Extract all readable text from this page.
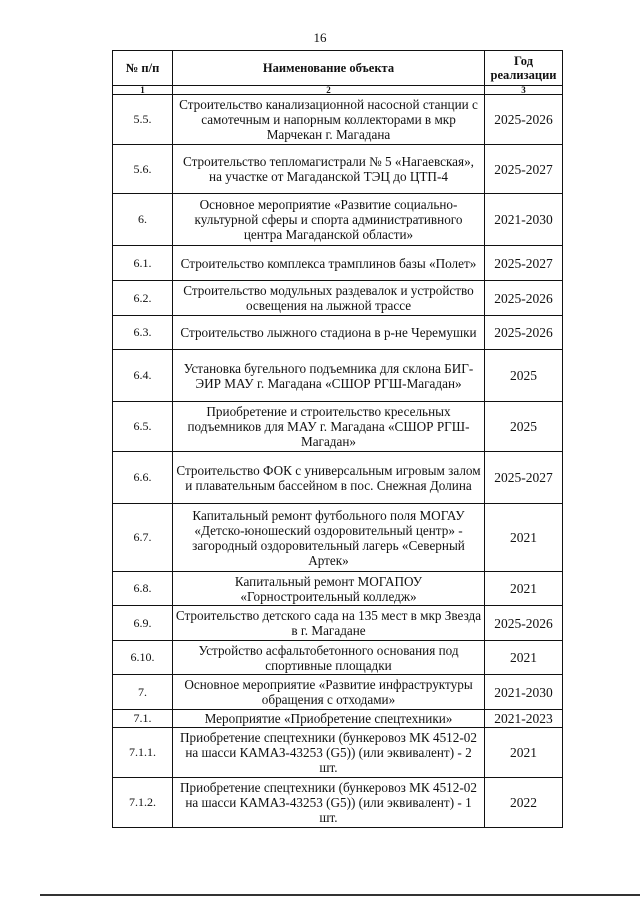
16
№ п/п	Наименование объекта	Год реализации
1	2	3
5.5.	Строительство канализационной насосной станции с самотечным и напорным коллекторами в мкр Марчекан г. Магадана	2025-2026
5.6.	Строительство тепломагистрали № 5 «Нагаевская», на участке от Магаданской ТЭЦ до ЦТП-4	2025-2027
6.	Основное мероприятие «Развитие социально-культурной сферы и спорта административного центра Магаданской области»	2021-2030
6.1.	Строительство комплекса трамплинов базы «Полет»	2025-2027
6.2.	Строительство модульных раздевалок и устройство освещения на лыжной трассе	2025-2026
6.3.	Строительство лыжного стадиона в р-не Черемушки	2025-2026
6.4.	Установка бугельного подъемника для склона БИГ-ЭИР МАУ г. Магадана «СШОР РГШ-Магадан»	2025
6.5.	Приобретение и строительство кресельных подъемников для МАУ г. Магадана «СШОР РГШ-Магадан»	2025
6.6.	Строительство ФОК с универсальным игровым залом и плавательным бассейном в пос. Снежная Долина	2025-2027
6.7.	Капитальный ремонт футбольного поля МОГАУ «Детско-юношеский оздоровительный центр» - загородный оздоровительный лагерь «Северный Артек»	2021
6.8.	Капитальный ремонт МОГАПОУ «Горностроительный колледж»	2021
6.9.	Строительство детского сада на 135 мест в мкр Звезда в г. Магадане	2025-2026
6.10.	Устройство асфальтобетонного основания под спортивные площадки	2021
7.	Основное мероприятие «Развитие инфраструктуры обращения с отходами»	2021-2030
7.1.	Мероприятие «Приобретение спецтехники»	2021-2023
7.1.1.	Приобретение спецтехники (бункеровоз МК 4512-02 на шасси КАМАЗ-43253 (G5)) (или эквивалент) - 2 шт.	2021
7.1.2.	Приобретение спецтехники (бункеровоз МК 4512-02 на шасси КАМАЗ-43253 (G5)) (или эквивалент) - 1 шт.	2022
